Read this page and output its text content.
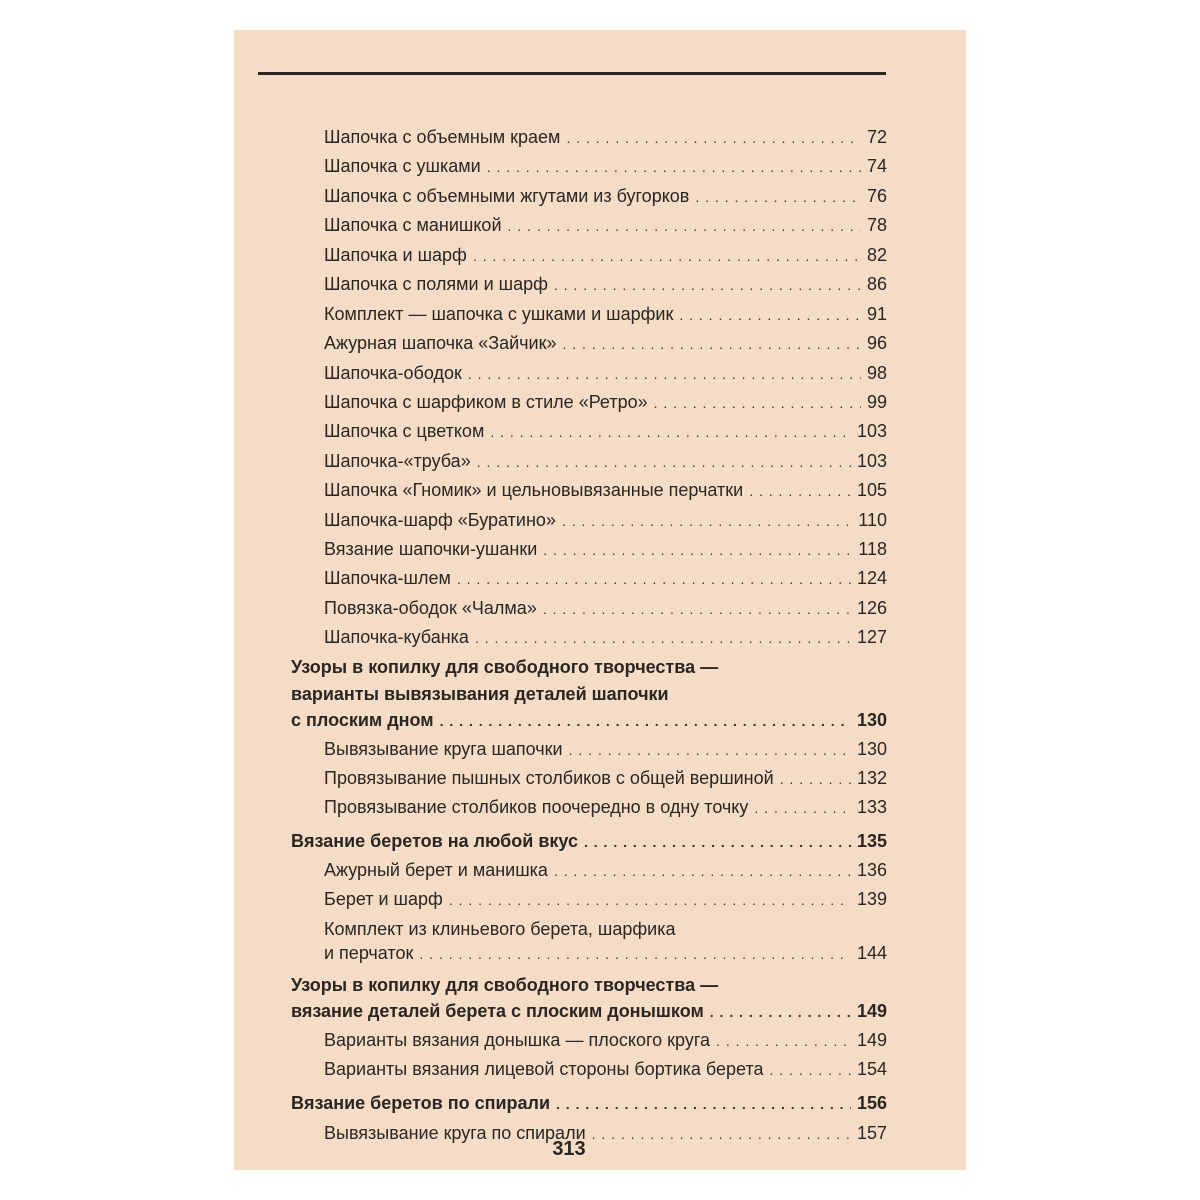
Шапочка с объемным краем . . .	72
Шапочка с ушками . . .	74
Шапочка с объемными жгутами из бугорков . . .	76
Шапочка с манишкой . . .	78
Шапочка и шарф . . .	82
Шапочка с полями и шарф . . .	86
Комплект — шапочка с ушками и шарфик . . .	91
Ажурная шапочка «Зайчик» . . .	96
Шапочка-ободок . . .	98
Шапочка с шарфиком в стиле «Ретро» . . .	99
Шапочка с цветком . . .	103
Шапочка-«труба» . . .	103
Шапочка «Гномик» и цельновывязанные перчатки . . .	105
Шапочка-шарф «Буратино» . . .	110
Вязание шапочки-ушанки . . .	118
Шапочка-шлем . . .	124
Повязка-ободок «Чалма» . . .	126
Шапочка-кубанка . . .	127
Узоры в копилку для свободного творчества —
варианты вывязывания деталей шапочки
с плоским дном . . .	130
Вывязывание круга шапочки . . .	130
Провязывание пышных столбиков с общей вершиной . . .	132
Провязывание столбиков поочередно в одну точку . . .	133
Вязание беретов на любой вкус . . .	135
Ажурный берет и манишка . . .	136
Берет и шарф . . .	139
Комплект из клиньевого берета, шарфика
и перчаток . . .	144
Узоры в копилку для свободного творчества —
вязание деталей берета с плоским донышком . . .	149
Варианты вязания донышка — плоского круга . . .	149
Варианты вязания лицевой стороны бортика берета . . .	154
Вязание беретов по спирали . . .	156
Вывязывание круга по спирали . . .	157
313
